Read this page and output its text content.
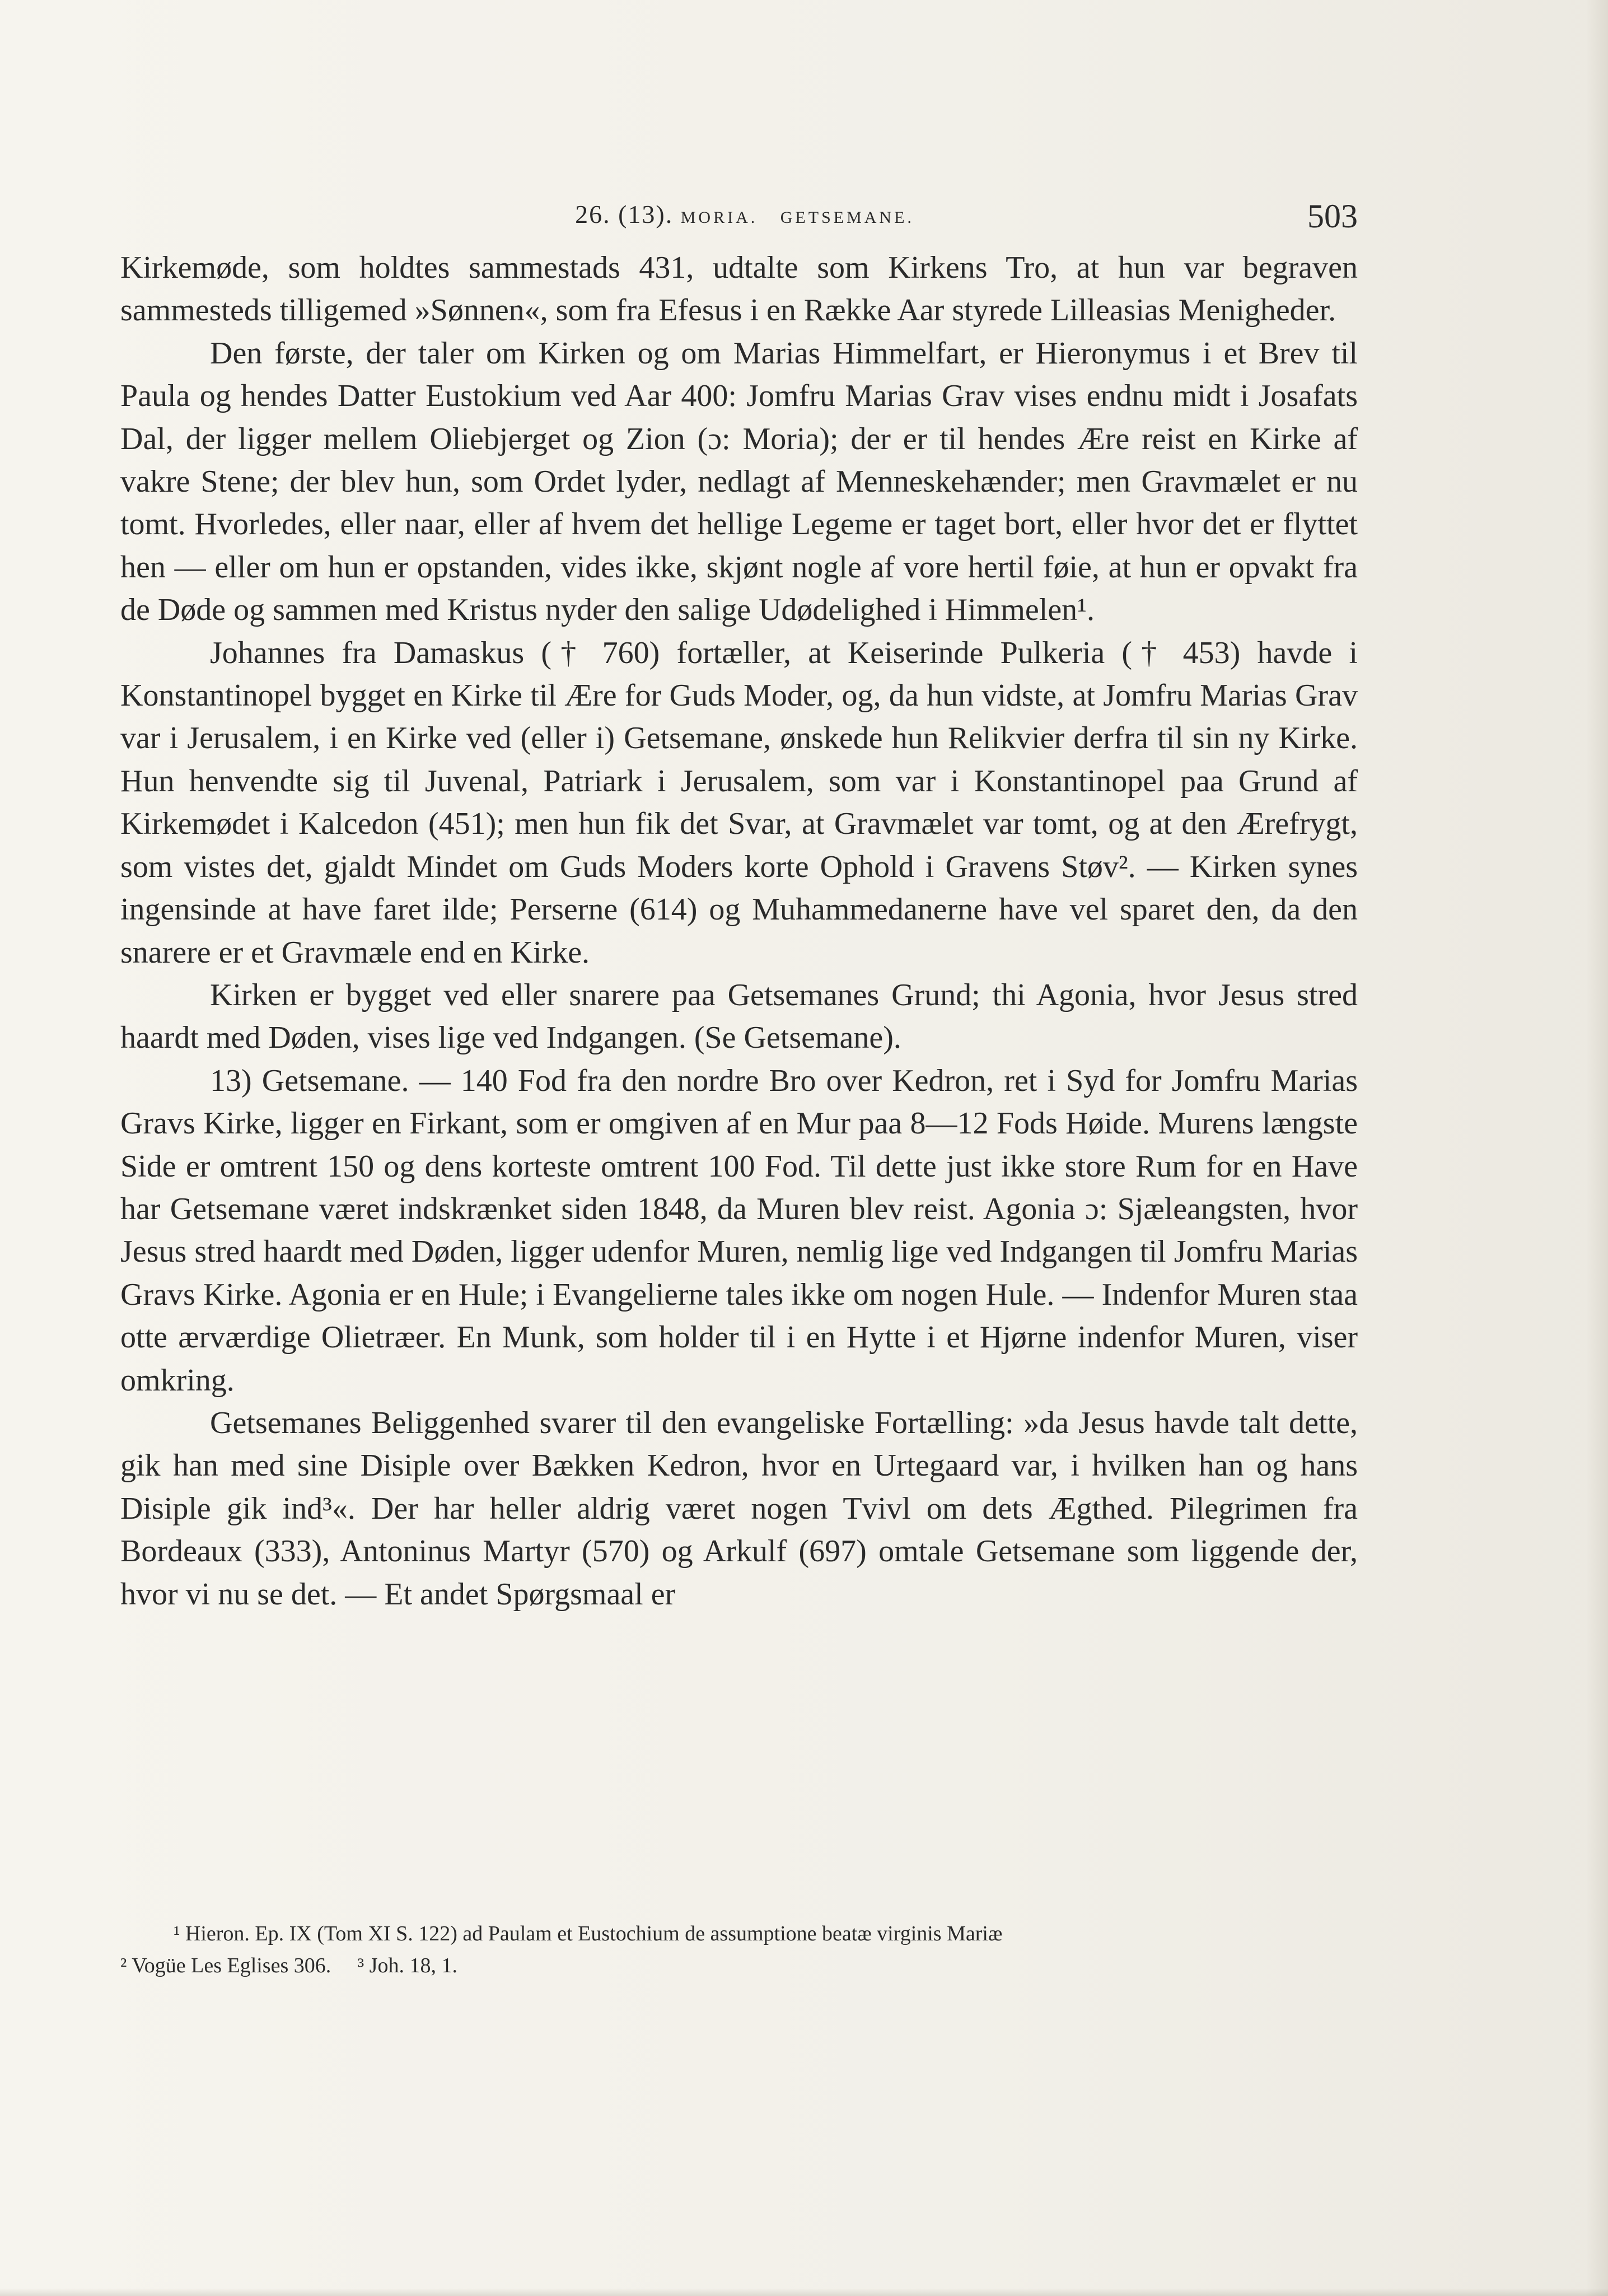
26. (13). MORIA. GETSEMANE.	503

Kirkemøde, som holdtes sammestads 431, udtalte som Kirkens Tro, at hun var begraven sammesteds tilligemed »Sønnen«, som fra Efesus i en Række Aar styrede Lilleasias Menigheder.

Den første, der taler om Kirken og om Marias Himmelfart, er Hieronymus i et Brev til Paula og hendes Datter Eustokium ved Aar 400: Jomfru Marias Grav vises endnu midt i Josafats Dal, der ligger mellem Oliebjerget og Zion (ɔ: Moria); der er til hendes Ære reist en Kirke af vakre Stene; der blev hun, som Ordet lyder, nedlagt af Menneskehænder; men Gravmælet er nu tomt. Hvorledes, eller naar, eller af hvem det hellige Legeme er taget bort, eller hvor det er flyttet hen — eller om hun er opstanden, vides ikke, skjønt nogle af vore hertil føie, at hun er opvakt fra de Døde og sammen med Kristus nyder den salige Udødelighed i Himmelen¹.

Johannes fra Damaskus († 760) fortæller, at Keiserinde Pulkeria († 453) havde i Konstantinopel bygget en Kirke til Ære for Guds Moder, og, da hun vidste, at Jomfru Marias Grav var i Jerusalem, i en Kirke ved (eller i) Getsemane, ønskede hun Relikvier derfra til sin ny Kirke. Hun henvendte sig til Juvenal, Patriark i Jerusalem, som var i Konstantinopel paa Grund af Kirkemødet i Kalcedon (451); men hun fik det Svar, at Gravmælet var tomt, og at den Ærefrygt, som vistes det, gjaldt Mindet om Guds Moders korte Ophold i Gravens Støv². — Kirken synes ingensinde at have faret ilde; Perserne (614) og Muhammedanerne have vel sparet den, da den snarere er et Gravmæle end en Kirke.

Kirken er bygget ved eller snarere paa Getsemanes Grund; thi Agonia, hvor Jesus stred haardt med Døden, vises lige ved Indgangen. (Se Getsemane).

13) Getsemane. — 140 Fod fra den nordre Bro over Kedron, ret i Syd for Jomfru Marias Gravs Kirke, ligger en Firkant, som er omgiven af en Mur paa 8—12 Fods Høide. Murens længste Side er omtrent 150 og dens korteste omtrent 100 Fod. Til dette just ikke store Rum for en Have har Getsemane været indskrænket siden 1848, da Muren blev reist. Agonia ɔ: Sjæleangsten, hvor Jesus stred haardt med Døden, ligger udenfor Muren, nemlig lige ved Indgangen til Jomfru Marias Gravs Kirke. Agonia er en Hule; i Evangelierne tales ikke om nogen Hule. — Indenfor Muren staa otte ærværdige Olietræer. En Munk, som holder til i en Hytte i et Hjørne indenfor Muren, viser omkring.

Getsemanes Beliggenhed svarer til den evangeliske Fortælling: »da Jesus havde talt dette, gik han med sine Disiple over Bækken Kedron, hvor en Urtegaard var, i hvilken han og hans Disiple gik ind³«. Der har heller aldrig været nogen Tvivl om dets Ægthed. Pilegrimen fra Bordeaux (333), Antoninus Martyr (570) og Arkulf (697) omtale Getsemane som liggende der, hvor vi nu se det. — Et andet Spørgsmaal er

¹ Hieron. Ep. IX (Tom XI S. 122) ad Paulam et Eustochium de assumptione beatæ virginis Mariæ

² Vogüe Les Eglises 306. ³ Joh. 18, 1.
